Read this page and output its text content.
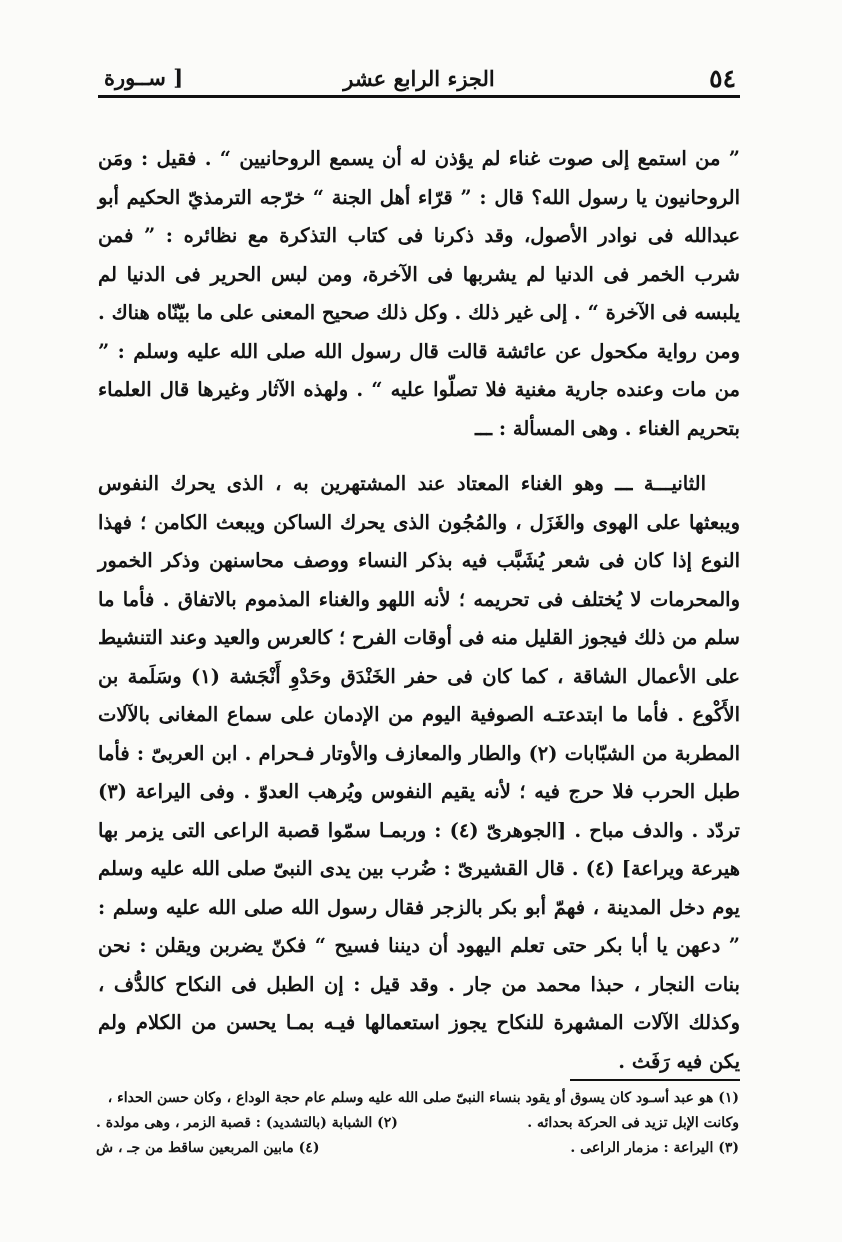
٥٤
الجزء الرابع عشر
[ ســورة

” من استمع إلى صوت غناء لم يؤذن له أن يسمع الروحانيين “ . فقيل : ومَن الروحانيون يا رسول الله؟ قال : ” قرّاء أهل الجنة “ خرّجه الترمذيّ الحكيم أبو عبدالله فى نوادر الأصول، وقد ذكرنا فى كتاب التذكرة مع نظائره : ” فمن شرب الخمر فى الدنيا لم يشربها فى الآخرة، ومن لبس الحرير فى الدنيا لم يلبسه فى الآخرة “ . إلى غير ذلك . وكل ذلك صحيح المعنى على ما بيّنّاه هناك . ومن رواية مكحول عن عائشة قالت قال رسول الله صلى الله عليه وسلم : ” من مات وعنده جارية مغنية فلا تصلّوا عليه “ . ولهذه الآثار وغيرها قال العلماء بتحريم الغناء . وهى المسألة : ـــ

الثانيـــة ـــ وهو الغناء المعتاد عند المشتهرين به ، الذى يحرك النفوس ويبعثها على الهوى والغَزَل ، والمُجُون الذى يحرك الساكن ويبعث الكامن ؛ فهذا النوع إذا كان فى شعر يُشَبَّب فيه بذكر النساء ووصف محاسنهن وذكر الخمور والمحرمات لا يُختلف فى تحريمه ؛ لأنه اللهو والغناء المذموم بالاتفاق . فأما ما سلم من ذلك فيجوز القليل منه فى أوقات الفرح ؛ كالعرس والعيد وعند التنشيط على الأعمال الشاقة ، كما كان فى حفر الخَنْدَق وحَدْوِ أَنْجَشة (١) وسَلَمة بن الأَكْوع . فأما ما ابتدعتـه الصوفية اليوم من الإدمان على سماع المغانى بالآلات المطربة من الشبّابات (٢) والطار والمعازف والأوتار فـحرام . ابن العربىّ : فأما طبل الحرب فلا حرج فيه ؛ لأنه يقيم النفوس ويُرهب العدوّ . وفى اليراعة (٣) تردّد . والدف مباح . [الجوهرىّ (٤) : وربمـا سمّوا قصبة الراعى التى يزمر بها هيرعة ويراعة] (٤) . قال القشيرىّ : ضُرب بين يدى النبىّ صلى الله عليه وسلم يوم دخل المدينة ، فهمّ أبو بكر بالزجر فقال رسول الله صلى الله عليه وسلم : ” دعهن يا أبا بكر حتى تعلم اليهود أن ديننا فسيح “ فكنّ يضربن ويقلن : نحن بنات النجار ، حبذا محمد من جار . وقد قيل : إن الطبل فى النكاح كالدُّف ، وكذلك الآلات المشهرة للنكاح يجوز استعمالها فيـه بمـا يحسن من الكلام ولم يكن فيه رَفَث .

(١) هو عبد أسـود كان يسوق أو يقود بنساء النبىّ صلى الله عليه وسلم عام حجة الوداع ، وكان حسن الحداء ،
وكانت الإبل تزيد فى الحركة بحدائه .
(٢) الشبابة (بالتشديد) : قصبة الزمر ، وهى مولدة .
(٣) اليراعة : مزمار الراعى .
(٤) مابين المربعين ساقط من جـ ، ش
